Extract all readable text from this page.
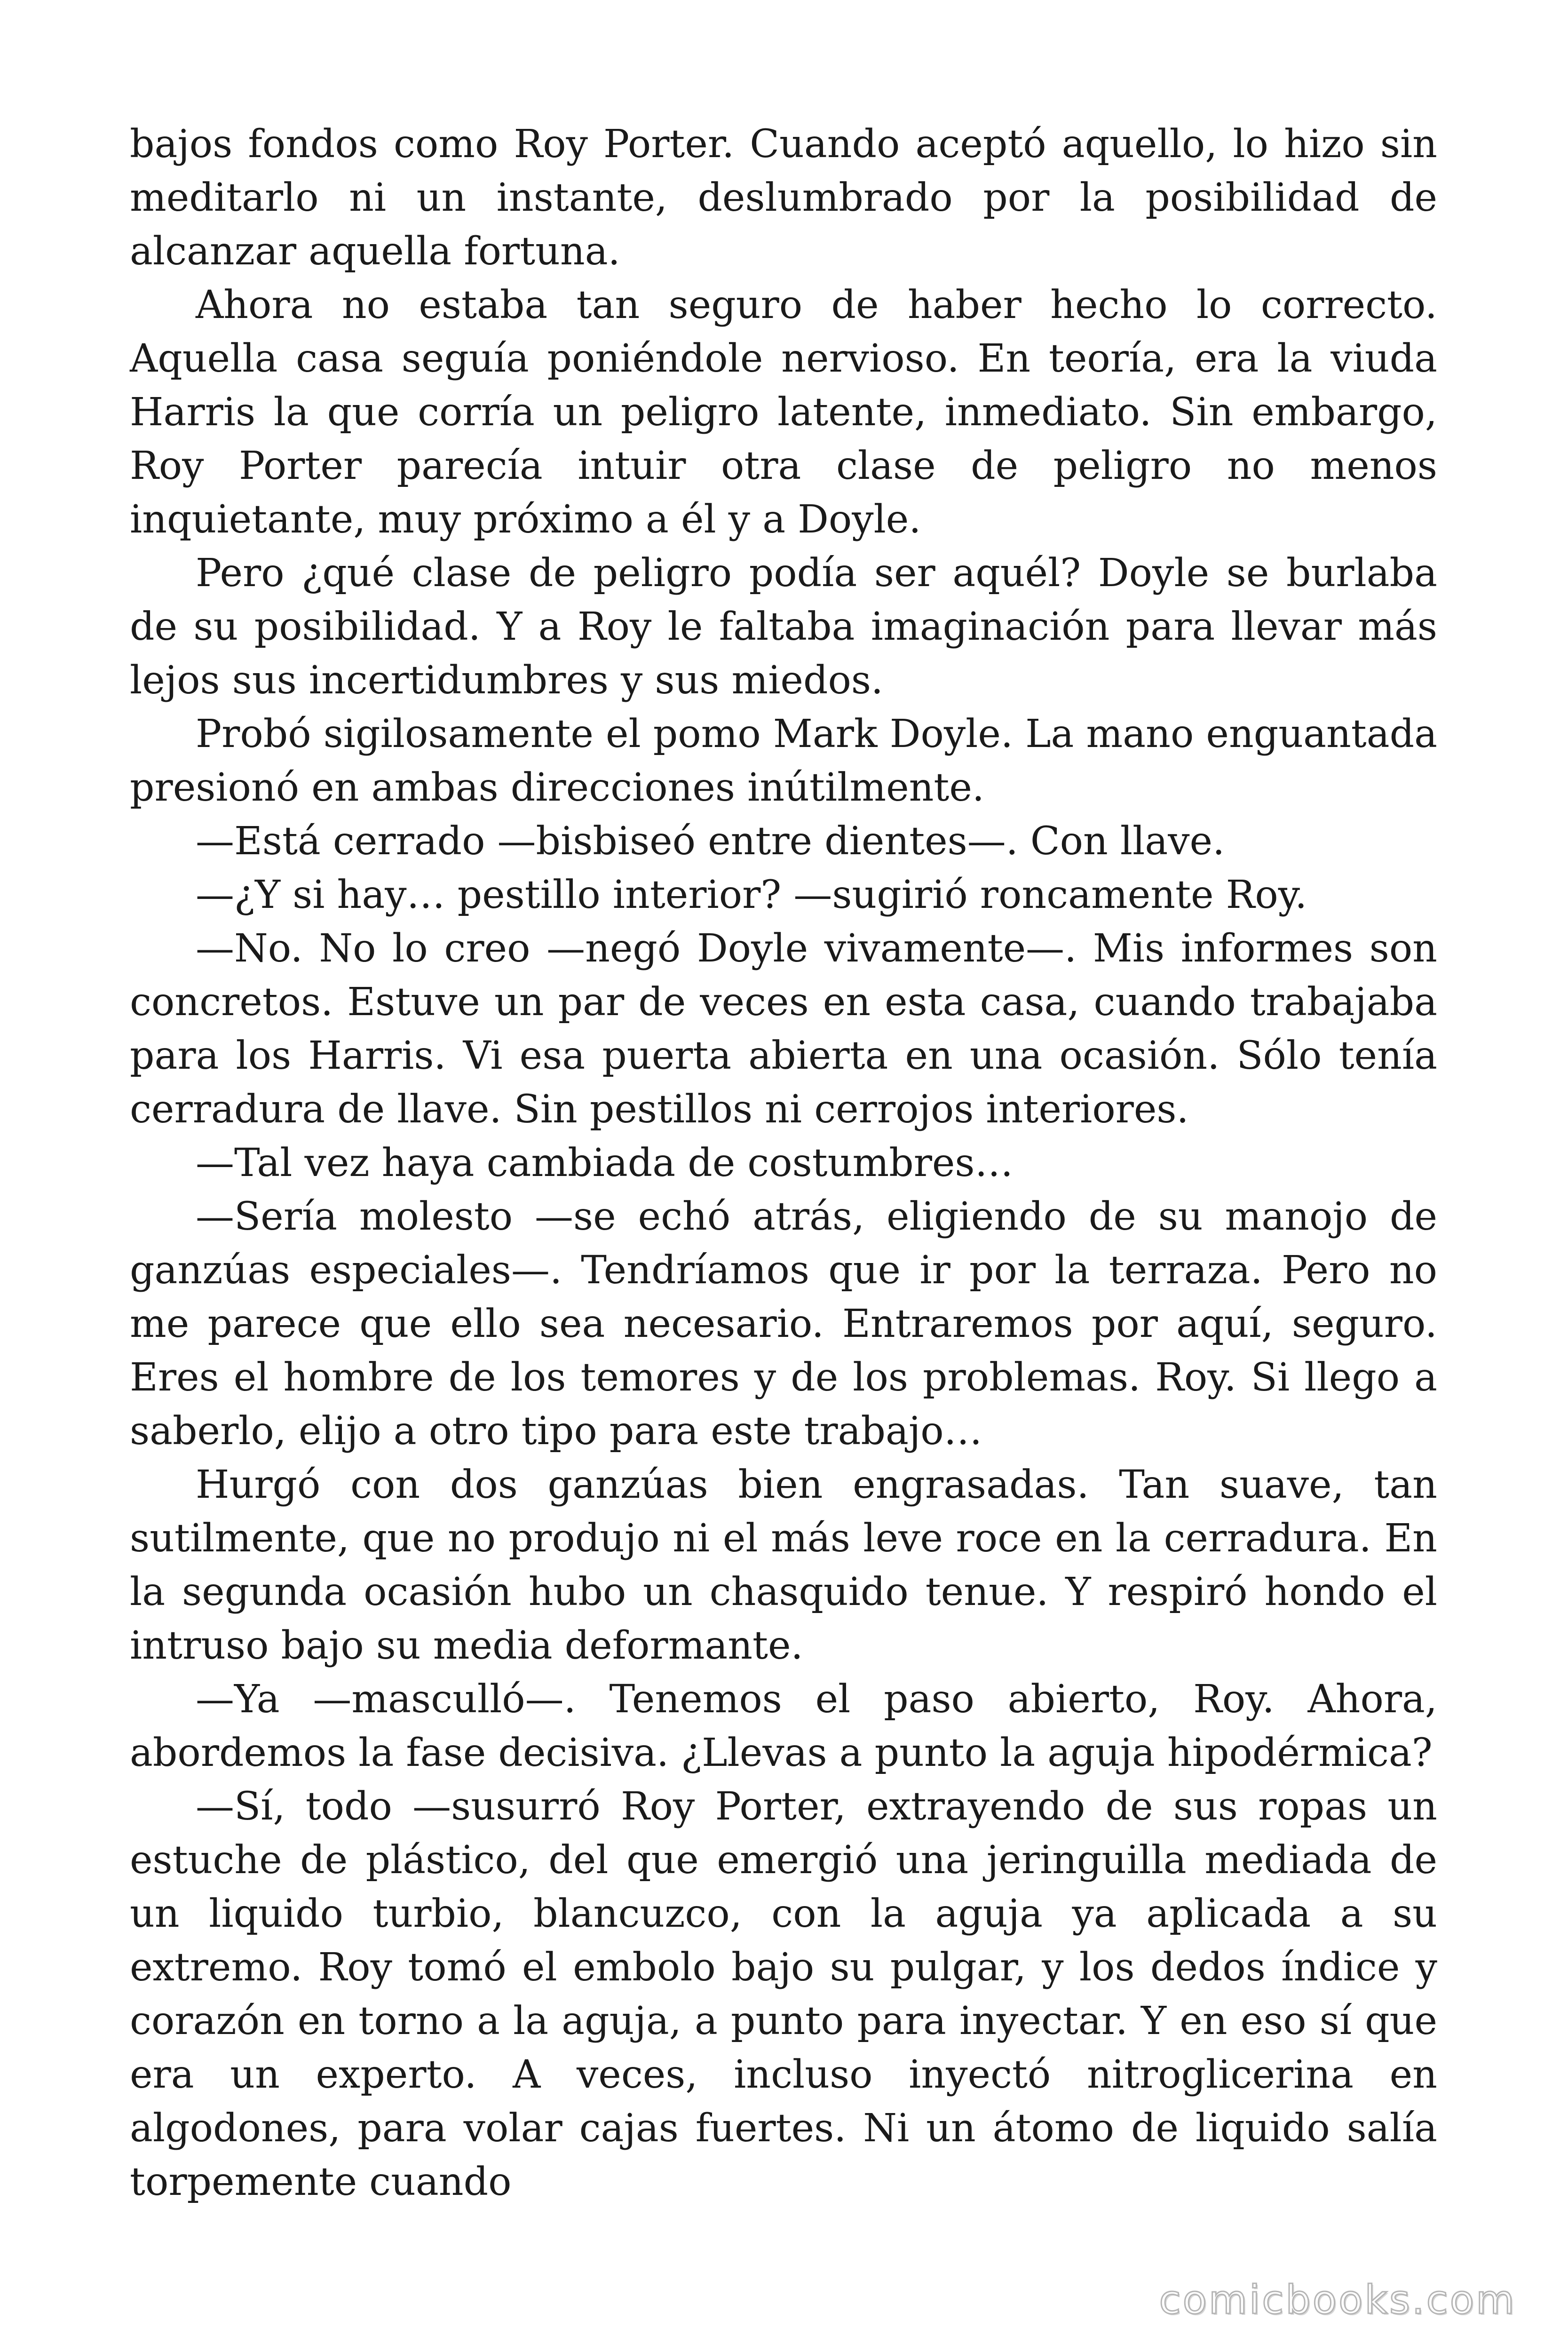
bajos fondos como Roy Porter. Cuando aceptó aquello, lo hizo sin meditarlo ni un instante, deslumbrado por la posibilidad de alcanzar aquella fortuna.

Ahora no estaba tan seguro de haber hecho lo correcto. Aquella casa seguía poniéndole nervioso. En teoría, era la viuda Harris la que corría un peligro latente, inmediato. Sin embargo, Roy Porter parecía intuir otra clase de peligro no menos inquietante, muy próximo a él y a Doyle.

Pero ¿qué clase de peligro podía ser aquél? Doyle se burlaba de su posibilidad. Y a Roy le faltaba imaginación para llevar más lejos sus incertidumbres y sus miedos.

Probó sigilosamente el pomo Mark Doyle. La mano enguantada presionó en ambas direcciones inútilmente.

—Está cerrado —bisbiseó entre dientes—. Con llave.

—¿Y si hay… pestillo interior? —sugirió roncamente Roy.

—No. No lo creo —negó Doyle vivamente—. Mis informes son concretos. Estuve un par de veces en esta casa, cuando trabajaba para los Harris. Vi esa puerta abierta en una ocasión. Sólo tenía cerradura de llave. Sin pestillos ni cerrojos interiores.

—Tal vez haya cambiada de costumbres…

—Sería molesto —se echó atrás, eligiendo de su manojo de ganzúas especiales—. Tendríamos que ir por la terraza. Pero no me parece que ello sea necesario. Entraremos por aquí, seguro. Eres el hombre de los temores y de los problemas. Roy. Si llego a saberlo, elijo a otro tipo para este trabajo…

Hurgó con dos ganzúas bien engrasadas. Tan suave, tan sutilmente, que no produjo ni el más leve roce en la cerradura. En la segunda ocasión hubo un chasquido tenue. Y respiró hondo el intruso bajo su media deformante.

—Ya —masculló—. Tenemos el paso abierto, Roy. Ahora, abordemos la fase decisiva. ¿Llevas a punto la aguja hipodérmica?

—Sí, todo —susurró Roy Porter, extrayendo de sus ropas un estuche de plástico, del que emergió una jeringuilla mediada de un liquido turbio, blancuzco, con la aguja ya aplicada a su extremo. Roy tomó el embolo bajo su pulgar, y los dedos índice y corazón en torno a la aguja, a punto para inyectar. Y en eso sí que era un experto. A veces, incluso inyectó nitroglicerina en algodones, para volar cajas fuertes. Ni un átomo de liquido salía torpemente cuando

comicbooks.com
